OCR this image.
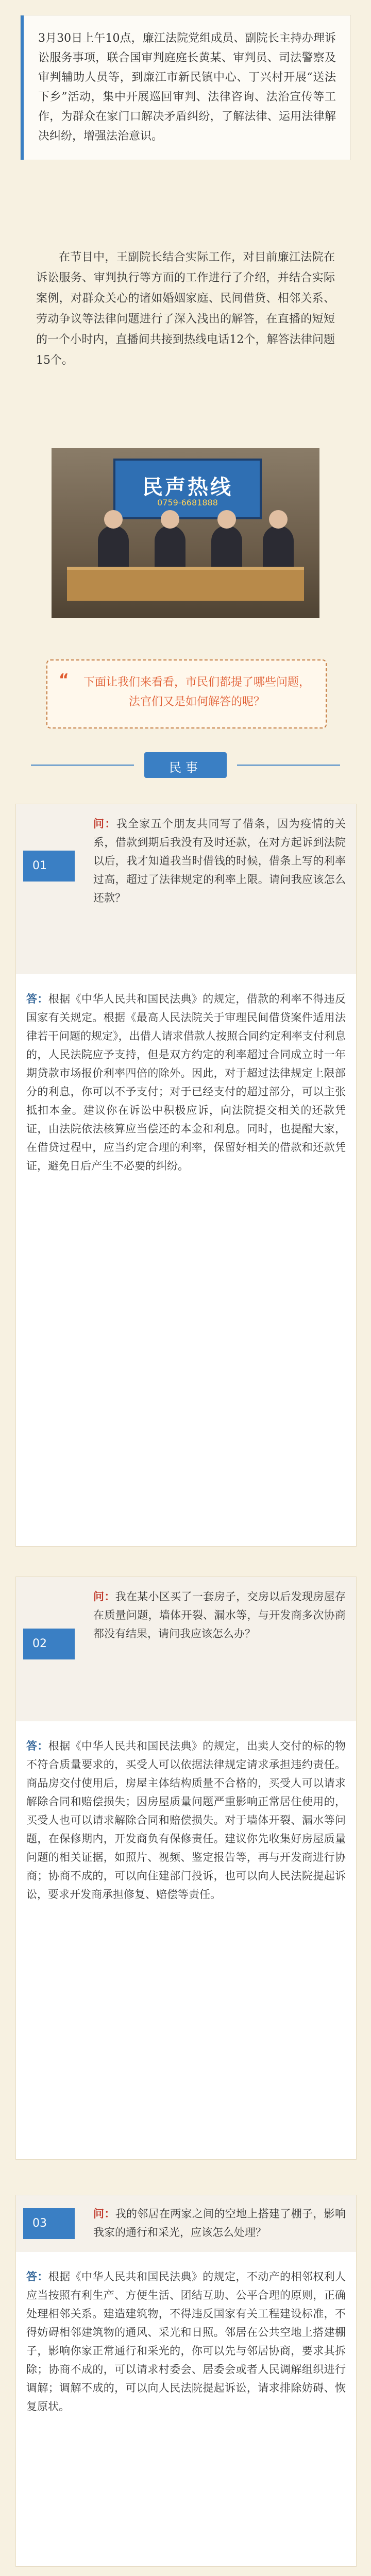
3月30日上午10点，廉江法院党组成员、副院长主持办理诉讼服务事项，联合国审判庭庭长黄某、审判员、司法警察及审判辅助人员等，到廉江市新民镇中心、丁兴村开展“送法下乡”活动，集中开展巡回审判、法律咨询、法治宣传等工作，为群众在家门口解决矛盾纠纷，了解法律、运用法律解决纠纷，增强法治意识。
在节目中，王副院长结合实际工作，对目前廉江法院在诉讼服务、审判执行等方面的工作进行了介绍，并结合实际案例，对群众关心的诸如婚姻家庭、民间借贷、相邻关系、劳动争议等法律问题进行了深入浅出的解答，在直播的短短的一个小时内，直播间共接到热线电话12个，解答法律问题15个。
民声热线
0759-6681888
“	下面让我们来看看，市民们都提了哪些问题，法官们又是如何解答的呢？
民事
01
问：我全家五个朋友共同写了借条，因为疫情的关系，借款到期后我没有及时还款，在对方起诉到法院以后，我才知道我当时借钱的时候，借条上写的利率过高，超过了法律规定的利率上限。请问我应该怎么还款？
答：根据《中华人民共和国民法典》的规定，借款的利率不得违反国家有关规定。根据《最高人民法院关于审理民间借贷案件适用法律若干问题的规定》，出借人请求借款人按照合同约定利率支付利息的，人民法院应予支持，但是双方约定的利率超过合同成立时一年期贷款市场报价利率四倍的除外。因此，对于超过法律规定上限部分的利息，你可以不予支付；对于已经支付的超过部分，可以主张抵扣本金。建议你在诉讼中积极应诉，向法院提交相关的还款凭证，由法院依法核算应当偿还的本金和利息。同时，也提醒大家，在借贷过程中，应当约定合理的利率，保留好相关的借款和还款凭证，避免日后产生不必要的纠纷。
02
问：我在某小区买了一套房子，交房以后发现房屋存在质量问题，墙体开裂、漏水等，与开发商多次协商都没有结果，请问我应该怎么办？
答：根据《中华人民共和国民法典》的规定，出卖人交付的标的物不符合质量要求的，买受人可以依据法律规定请求承担违约责任。商品房交付使用后，房屋主体结构质量不合格的，买受人可以请求解除合同和赔偿损失；因房屋质量问题严重影响正常居住使用的，买受人也可以请求解除合同和赔偿损失。对于墙体开裂、漏水等问题，在保修期内，开发商负有保修责任。建议你先收集好房屋质量问题的相关证据，如照片、视频、鉴定报告等，再与开发商进行协商；协商不成的，可以向住建部门投诉，也可以向人民法院提起诉讼，要求开发商承担修复、赔偿等责任。
03
问：我的邻居在两家之间的空地上搭建了棚子，影响我家的通行和采光，应该怎么处理？
答：根据《中华人民共和国民法典》的规定，不动产的相邻权利人应当按照有利生产、方便生活、团结互助、公平合理的原则，正确处理相邻关系。建造建筑物，不得违反国家有关工程建设标准，不得妨碍相邻建筑物的通风、采光和日照。邻居在公共空地上搭建棚子，影响你家正常通行和采光的，你可以先与邻居协商，要求其拆除；协商不成的，可以请求村委会、居委会或者人民调解组织进行调解；调解不成的，可以向人民法院提起诉讼，请求排除妨碍、恢复原状。
